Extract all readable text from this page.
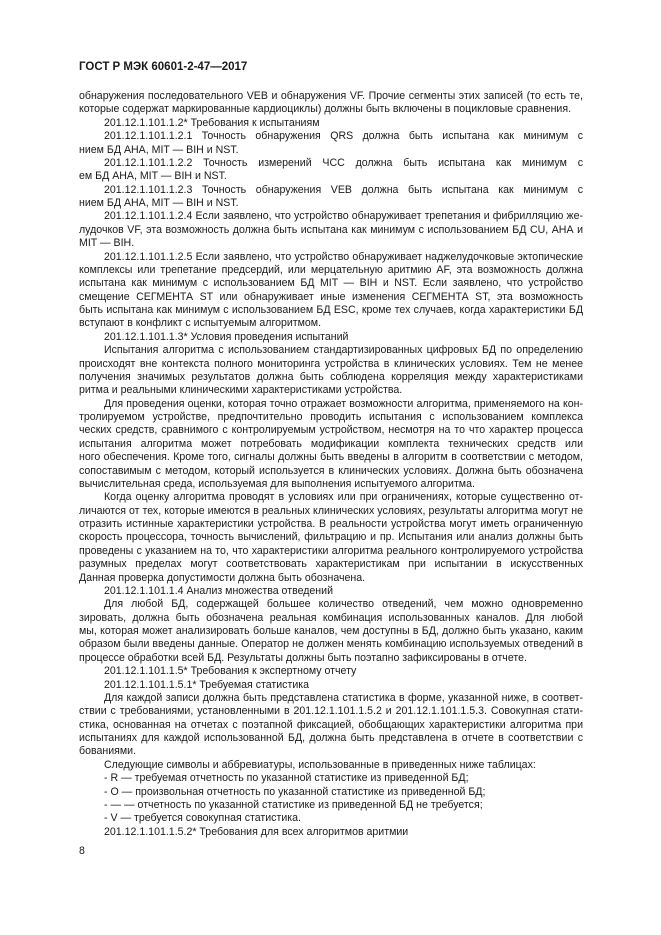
ГОСТ Р МЭК 60601-2-47—2017
обнаружения последовательного VEB и обнаружения VF. Прочие сегменты этих записей (то есть те,
которые содержат маркированные кардиоциклы) должны быть включены в поцикловые сравнения.
201.12.1.101.1.2* Требования к испытаниям
201.12.1.101.1.2.1 Точность обнаружения QRS должна быть испытана как минимум с
нием БД АНА, MIT — BIH и NST.
201.12.1.101.1.2.2 Точность измерений ЧСС должна быть испытана как минимум с
ем БД АНА, MIT — BIH и NST.
201.12.1.101.1.2.3 Точность обнаружения VEB должна быть испытана как минимум с
нием БД АНА, MIT — BIH и NST.
201.12.1.101.1.2.4 Если заявлено, что устройство обнаруживает трепетания и фибрилляцию же-
лудочков VF, эта возможность должна быть испытана как минимум с использованием БД CU, АНА и
MIT — BIH.
201.12.1.101.1.2.5 Если заявлено, что устройство обнаруживает наджелудочковые эктопические
комплексы или трепетание предсердий, или мерцательную аритмию AF, эта возможность должна
испытана как минимум с использованием БД MIT — BIH и NST. Если заявлено, что устройство
смещение СЕГМЕНТА ST или обнаруживает иные изменения СЕГМЕНТА ST, эта возможность
быть испытана как минимум с использованием БД ESC, кроме тех случаев, когда характеристики БД
вступают в конфликт с испытуемым алгоритмом.
201.12.1.101.1.3* Условия проведения испытаний
Испытания алгоритма с использованием стандартизированных цифровых БД по определению
происходят вне контекста полного мониторинга устройства в клинических условиях. Тем не менее
получения значимых результатов должна быть соблюдена корреляция между характеристиками
ритма и реальными клиническими характеристиками устройства.
Для проведения оценки, которая точно отражает возможности алгоритма, применяемого на кон-
тролируемом устройстве, предпочтительно проводить испытания с использованием комплекса
ческих средств, сравнимого с контролируемым устройством, несмотря на то что характер процесса
испытания алгоритма может потребовать модификации комплекта технических средств или
ного обеспечения. Кроме того, сигналы должны быть введены в алгоритм в соответствии с методом,
сопоставимым с методом, который используется в клинических условиях. Должна быть обозначена
вычислительная среда, используемая для выполнения испытуемого алгоритма.
Когда оценку алгоритма проводят в условиях или при ограничениях, которые существенно от-
личаются от тех, которые имеются в реальных клинических условиях, результаты алгоритма могут не
отразить истинные характеристики устройства. В реальности устройства могут иметь ограниченную
скорость процессора, точность вычислений, фильтрацию и пр. Испытания или анализ должны быть
проведены с указанием на то, что характеристики алгоритма реального контролируемого устройства
разумных пределах могут соответствовать характеристикам при испытании в искусственных
Данная проверка допустимости должна быть обозначена.
201.12.1.101.1.4 Анализ множества отведений
Для любой БД, содержащей большее количество отведений, чем можно одновременно
зировать, должна быть обозначена реальная комбинация использованных каналов. Для любой
мы, которая может анализировать больше каналов, чем доступны в БД, должно быть указано, каким
образом были введены данные. Оператор не должен менять комбинацию используемых отведений в
процессе обработки всей БД. Результаты должны быть поэтапно зафиксированы в отчете.
201.12.1.101.1.5* Требования к экспертному отчету
201.12.1.101.1.5.1* Требуемая статистика
Для каждой записи должна быть представлена статистика в форме, указанной ниже, в соответ-
ствии с требованиями, установленными в 201.12.1.101.1.5.2 и 201.12.1.101.1.5.3. Совокупная стати-
стика, основанная на отчетах с поэтапной фиксацией, обобщающих характеристики алгоритма при
испытаниях для каждой использованной БД, должна быть представлена в отчете в соответствии с
бованиями.
Следующие символы и аббревиатуры, использованные в приведенных ниже таблицах:
- R — требуемая отчетность по указанной статистике из приведенной БД;
- O — произвольная отчетность по указанной статистике из приведенной БД;
- — — отчетность по указанной статистике из приведенной БД не требуется;
- V — требуется совокупная статистика.
201.12.1.101.1.5.2* Требования для всех алгоритмов аритмии
8
